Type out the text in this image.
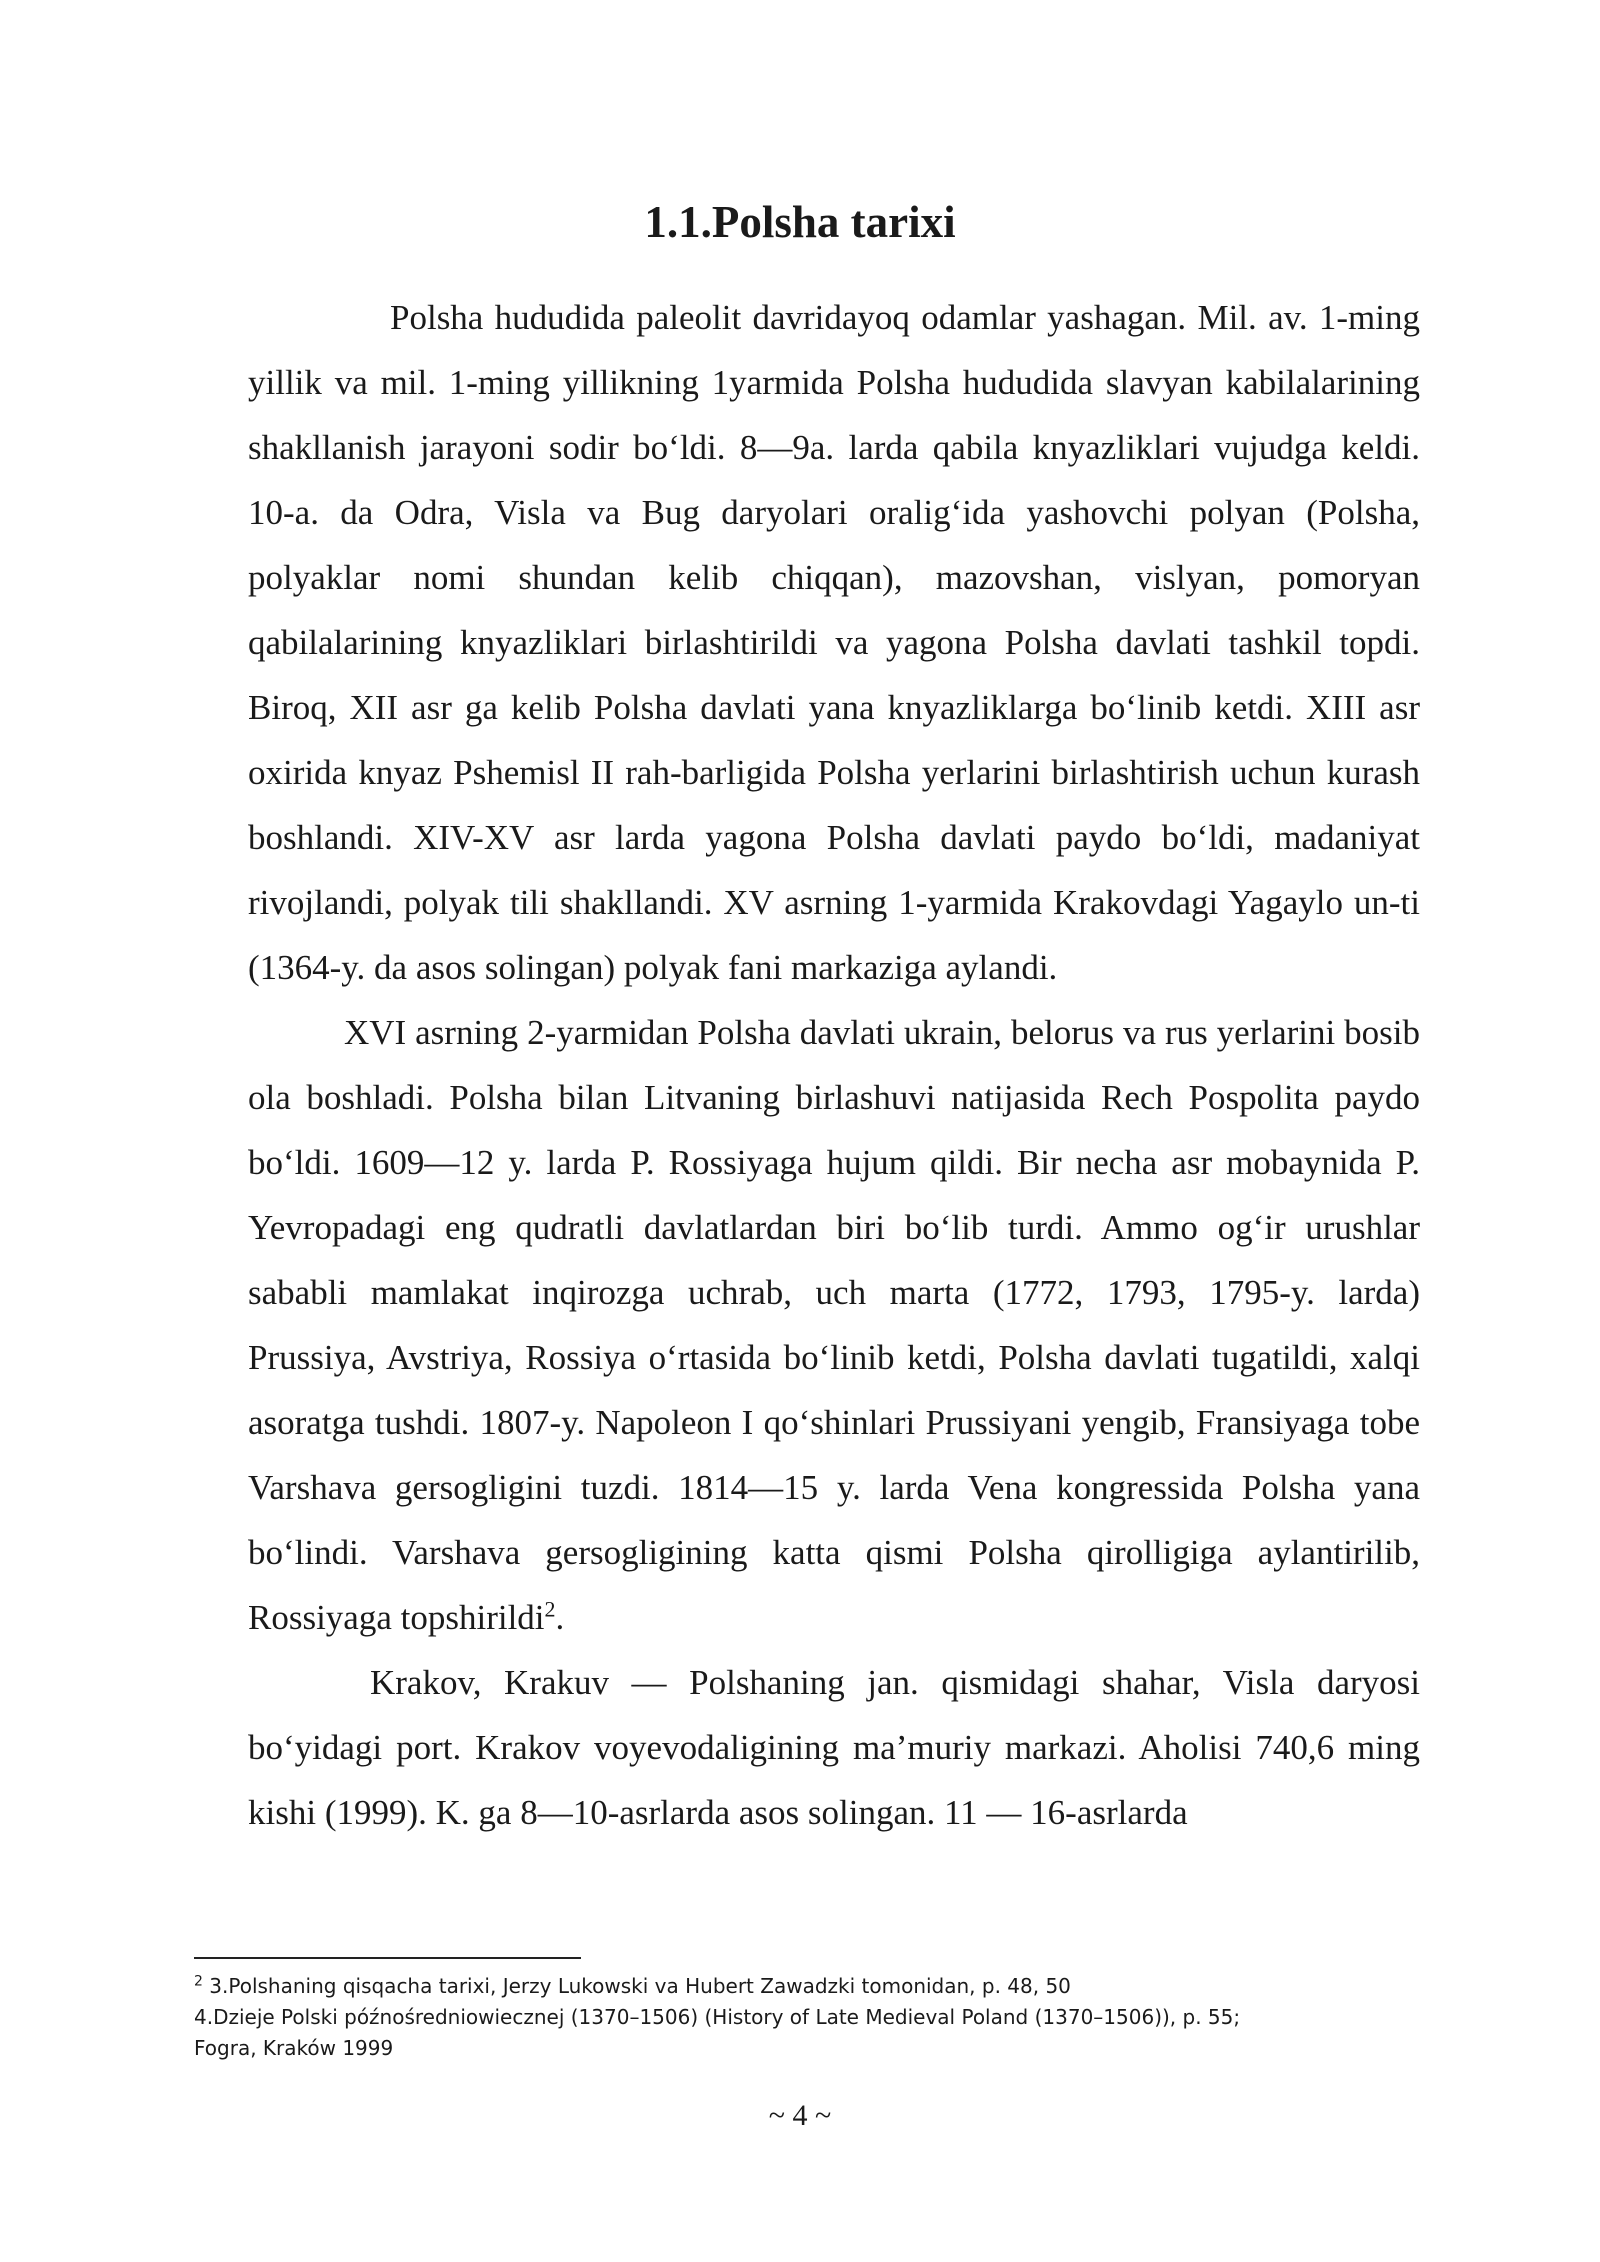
1.1.Polsha tarixi

Polsha hududida paleolit davridayoq odamlar yashagan. Mil. av. 1-ming yillik va mil. 1-ming yillikning 1yarmida Polsha hududida slavyan kabilalarining shakllanish jarayoni sodir bo‘ldi. 8—9a. larda qabila knyazliklari vujudga keldi. 10-a. da Odra, Visla va Bug daryolari oralig‘ida yashovchi polyan (Polsha, polyaklar nomi shundan kelib chiqqan), mazovshan, vislyan, pomoryan qabilalarining knyazliklari birlashtirildi va yagona Polsha davlati tashkil topdi. Biroq, XII asr ga kelib Polsha davlati yana knyazliklarga bo‘linib ketdi. XIII asr oxirida knyaz Pshemisl II rah-barligida Polsha yerlarini birlashtirish uchun kurash boshlandi. XIV-XV asr larda yagona Polsha davlati paydo bo‘ldi, madaniyat rivojlandi, polyak tili shakllandi. XV asrning 1-yarmida Krakovdagi Yagaylo un-ti (1364-y. da asos solingan) polyak fani markaziga aylandi.

XVI asrning 2-yarmidan Polsha davlati ukrain, belorus va rus yerlarini bosib ola boshladi. Polsha bilan Litvaning birlashuvi natijasida Rech Pospolita paydo bo‘ldi. 1609—12 y. larda P. Rossiyaga hujum qildi. Bir necha asr mobaynida P. Yevropadagi eng qudratli davlatlardan biri bo‘lib turdi. Ammo og‘ir urushlar sababli mamlakat inqirozga uchrab, uch marta (1772, 1793, 1795-y. larda) Prussiya, Avstriya, Rossiya o‘rtasida bo‘linib ketdi, Polsha davlati tugatildi, xalqi asoratga tushdi. 1807-y. Napoleon I qo‘shinlari Prussiyani yengib, Fransiyaga tobe Varshava gersogligini tuzdi. 1814—15 y. larda Vena kongressida Polsha yana bo‘lindi. Varshava gersogligining katta qismi Polsha qirolligiga aylantirilib, Rossiyaga topshirildi$^2$.

Krakov, Krakuv — Polshaning jan. qismidagi shahar, Visla daryosi bo‘yidagi port. Krakov voyevodaligining ma’muriy markazi. Aholisi 740,6 ming kishi (1999). K. ga 8—10-asrlarda asos solingan. 11 — 16-asrlarda

$^2$ 3.Polshaning qisqacha tarixi, Jerzy Lukowski va Hubert Zawadzki tomonidan, p. 48, 50

4.Dzieje Polski późnośredniowiecznej (1370–1506) (History of Late Medieval Poland (1370–1506)), p. 55;

Fogra, Kraków 1999

~ 4 ~
